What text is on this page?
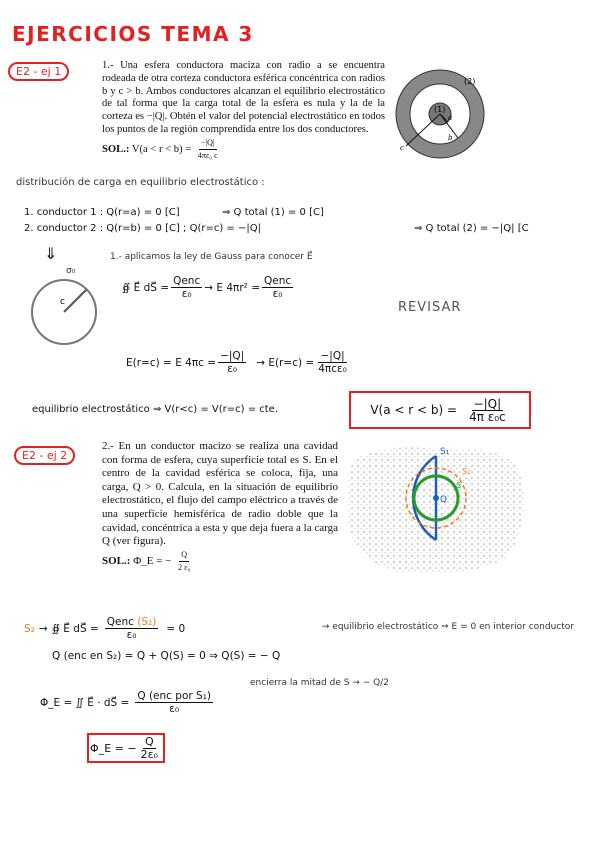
EJERCICIOS TEMA 3
E2 - ej 1	1.- Una esfera conductora maciza con radio a se encuentra rodeada de otra corteza conductora esférica concéntrica con radios b y c > b. Ambos conductores alcanzan el equilibrio electrostático de tal forma que la carga total de la esfera es nula y la de la corteza es −|Q|. Obtén el valor del potencial electrostático en todos los puntos de la región comprendida entre los dos conductores.
SOL.: $V(a < r < b) = \frac{-|Q|}{\text{4πε₀ c}}$
(1)
(2)
a
b
c
distribución de carga en equilibrio electrostático :
1. conductor 1 : Q(r=a) = 0 [C]	⇒ Q total (1) = 0 [C]
2. conductor 2 : Q(r=b) = 0 [C] ; Q(r=c) = −|Q|	⇒ Q total (2) = −|Q| [C
⇓	1.- aplicamos la ley de Gauss para conocer E⃗
σ₀
c
∯ E⃗ dS⃗ = $\frac{\text{Qenc}}{\text{ε₀}} \to E$ $4\pi r^2 = \frac{\text{Qenc}}{\text{ε₀}}$
REVISAR
E(r=c) = E $4\pi c = \frac{-|Q|}{\text{ε₀}} \to E(r=c) = \frac{-|Q|}{\text{4πcε₀}}$
equilibrio electrostático ⇒ V(r<c) = V(r=c) = cte.	$V(a < r < b) = \frac{-|Q|}{\text{4π ε₀c}}$
E2 - ej 2
2.- En un conductor macizo se realiza una cavidad con forma de esfera, cuya superficie total es S. En el centro de la cavidad esférica se coloca, fija, una carga, Q > 0. Calcula, en la situación de equilibrio electrostático, el flujo del campo eléctrico a través de una superficie hemisférica de radio doble que la cavidad, concéntrica a esta y que deja fuera a la carga Q (ver figura).
SOL.: Φ_E = − $\frac{Q}{\text{2 ε₀}}$
Q
S₁
S₂
S
S₂ → ∯ E⃗ dS⃗ = $\frac{\text{Qenc (S₂)}}{\text{ε₀}} = 0$	→ equilibrio electrostático ⇒ E = 0 en interior conductor
Q (enc en S₂) = Q + Q(S) = 0 ⇒ Q(S) = − Q
Φ_E = ∬ E⃗ · dS⃗ = $\frac{\text{Q (enc por S₁)}}{\text{ε₀}}$
encierra la mitad de S → − Q/2
Φ_E = − $\frac{Q}{\text{2ε₀}}$
